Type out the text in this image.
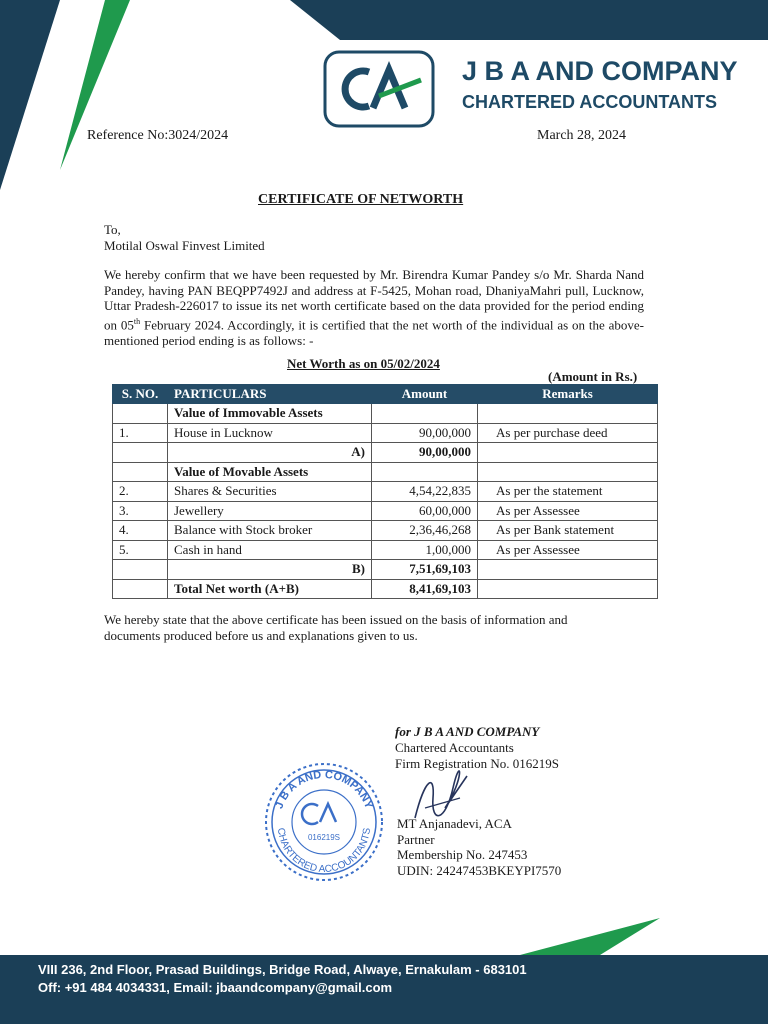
J B A AND COMPANY
CHARTERED ACCOUNTANTS
Reference No:3024/2024	March 28, 2024
CERTIFICATE OF NETWORTH
To,
Motilal Oswal Finvest Limited
We hereby confirm that we have been requested by Mr. Birendra Kumar Pandey s/o Mr. Sharda Nand Pandey, having PAN BEQPP7492J and address at F-5425, Mohan road, DhaniyaMahri pull, Lucknow, Uttar Pradesh-226017 to issue its net worth certificate based on the data provided for the period ending on 05th February 2024. Accordingly, it is certified that the net worth of the individual as on the above-mentioned period ending is as follows: -
Net Worth as on 05/02/2024
(Amount in Rs.)
S. NO.	PARTICULARS	Amount	Remarks
	Value of Immovable Assets		
1.	House in Lucknow	90,00,000	As per purchase deed
	A)	90,00,000	
	Value of Movable Assets		
2.	Shares & Securities	4,54,22,835	As per the statement
3.	Jewellery	60,00,000	As per Assessee
4.	Balance with Stock broker	2,36,46,268	As per Bank statement
5.	Cash in hand	1,00,000	As per Assessee
	B)	7,51,69,103	
	Total Net worth (A+B)	8,41,69,103	
We hereby state that the above certificate has been issued on the basis of information and documents produced before us and explanations given to us.
for J B A AND COMPANY
Chartered Accountants
Firm Registration No. 016219S
MT Anjanadevi, ACA
Partner
Membership No. 247453
UDIN: 24247453BKEYPI7570
J B A AND COMPANY
CHARTERED ACCOUNTANTS
016219S
VIII 236, 2nd Floor, Prasad Buildings, Bridge Road, Alwaye, Ernakulam - 683101
Off: +91 484 4034331, Email: jbaandcompany@gmail.com
